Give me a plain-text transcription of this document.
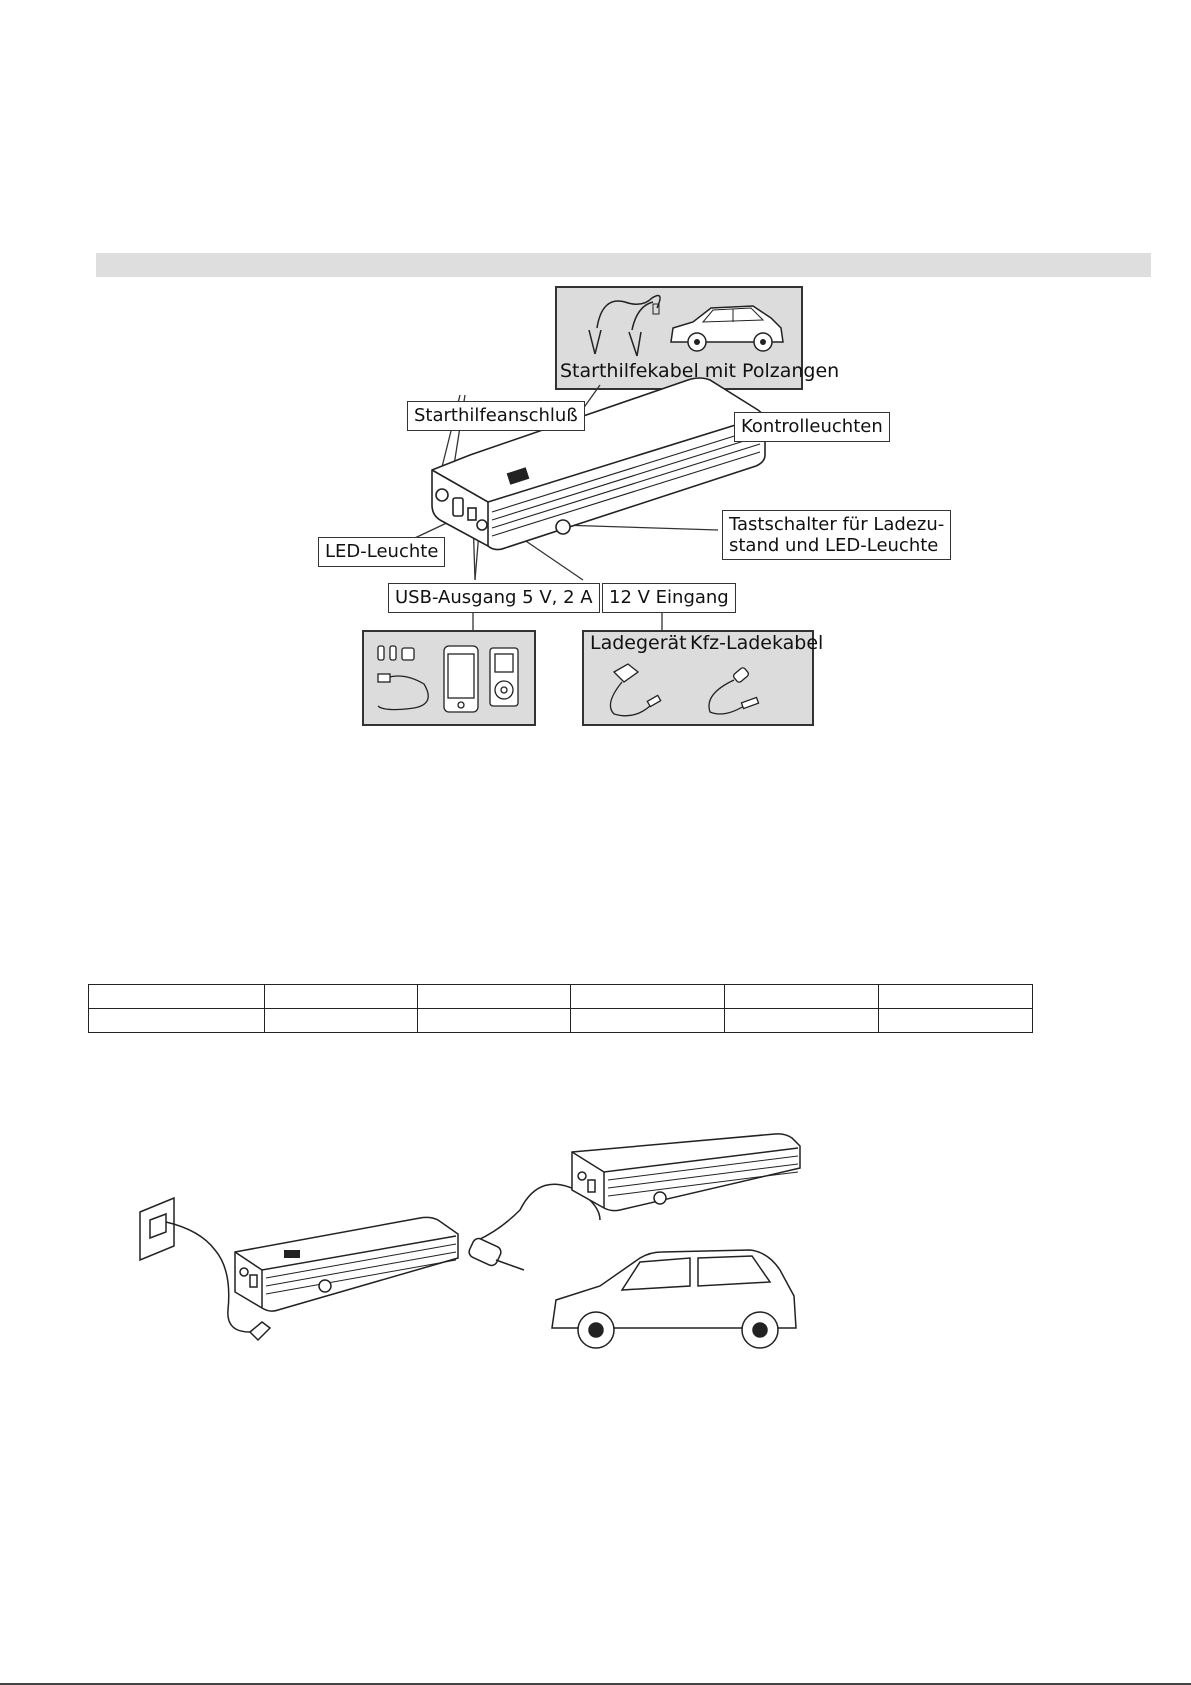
Starthilfekabel mit Polzangen
Starthilfeanschluß
Kontrolleuchten
Tastschalter für Ladezu-
stand und LED-Leuchte
LED-Leuchte
USB-Ausgang 5 V, 2 A 12 V Eingang
Ladegerät Kfz-Ladekabel
